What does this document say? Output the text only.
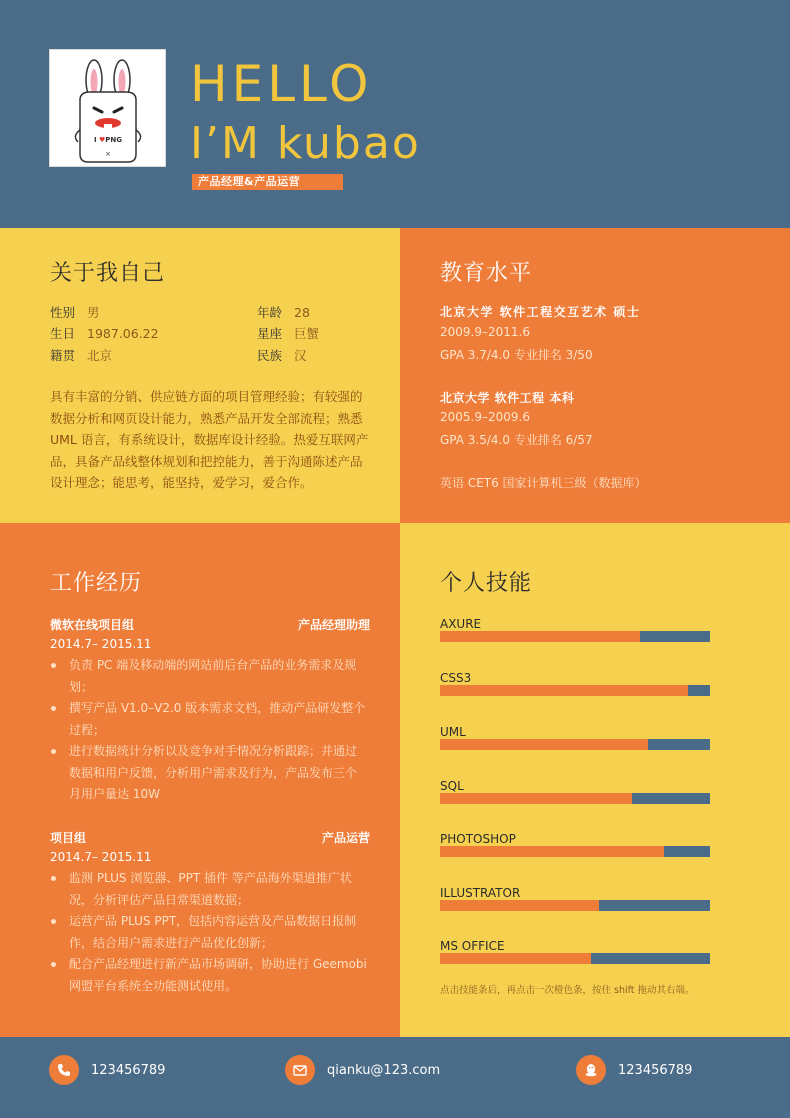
I ♥PNG
×
HELLO
I’M kubao
产品经理&产品运营
关于我自己
性别 男	年龄 28
生日 1987.06.22	星座 巨蟹
籍贯 北京	民族 汉
具有丰富的分销、供应链方面的项目管理经验；有较强的数据分析和网页设计能力，熟悉产品开发全部流程；熟悉 UML 语言，有系统设计，数据库设计经验。热爱互联网产品，具备产品线整体规划和把控能力，善于沟通陈述产品设计理念；能思考，能坚持，爱学习，爱合作。
教育水平
北京大学 软件工程交互艺术 硕士
2009.9–2011.6
GPA 3.7/4.0 专业排名 3/50
北京大学 软件工程 本科
2005.9–2009.6
GPA 3.5/4.0 专业排名 6/57
英语 CET6 国家计算机三级（数据库）
工作经历
微软在线项目组	产品经理助理
2014.7– 2015.11
负责 PC 端及移动端的网站前后台产品的业务需求及规划；
撰写产品 V1.0–V2.0 版本需求文档，推动产品研发整个过程；
进行数据统计分析以及竞争对手情况分析跟踪；并通过数据和用户反馈，分析用户需求及行为，产品发布三个月用户量达 10W
项目组	产品运营
2014.7– 2015.11
监测 PLUS 浏览器、PPT 插件 等产品海外渠道推广状况，分析评估产品日常渠道数据；
运营产品 PLUS PPT，包括内容运营及产品数据日报制作，结合用户需求进行产品优化创新；
配合产品经理进行新产品市场调研，协助进行 Geemobi 网盟平台系统全功能测试使用。
个人技能
AXURE
CSS3
UML
SQL
PHOTOSHOP
ILLUSTRATOR
MS OFFICE
点击技能条后，再点击一次橙色条，按住 shift 拖动其右端。
123456789	qianku@123.com	123456789
